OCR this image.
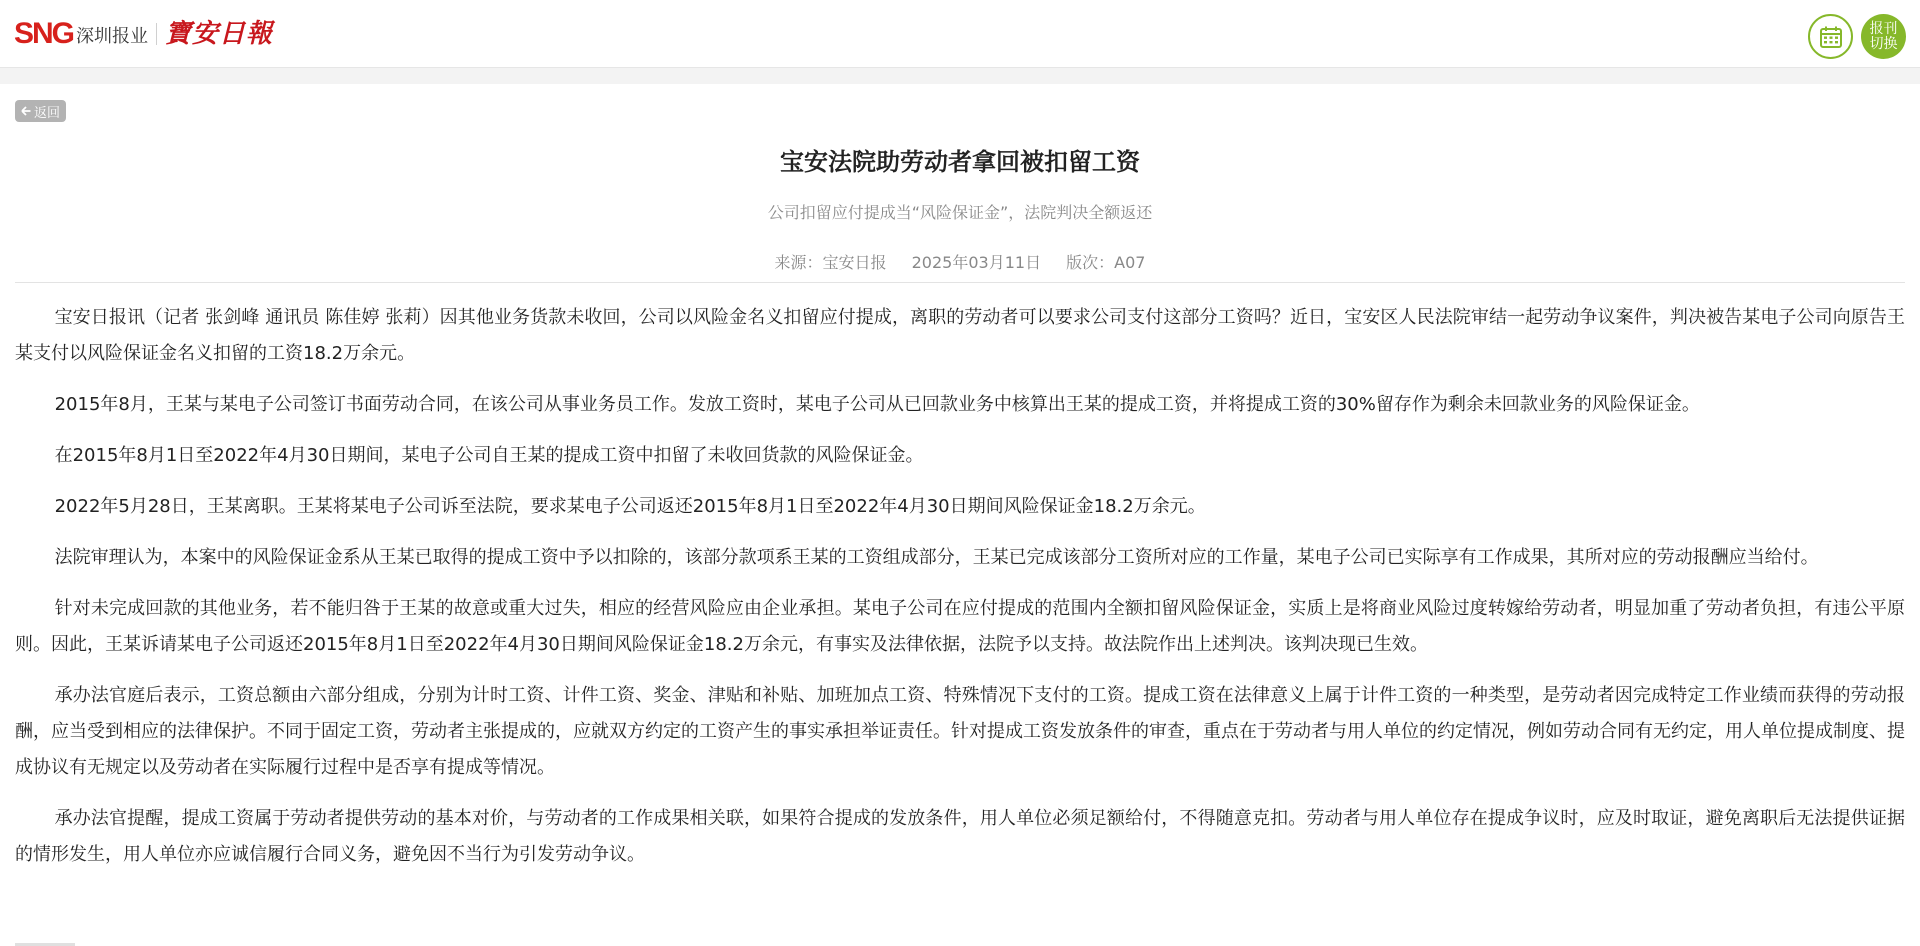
SNG 深圳报业 寶安日報	报刊
切换
返回
宝安法院助劳动者拿回被扣留工资
公司扣留应付提成当“风险保证金”，法院判决全额返还
来源：宝安日报 2025年03月11日 版次：A07

宝安日报讯（记者 张剑峰 通讯员 陈佳婷 张莉）因其他业务货款未收回，公司以风险金名义扣留应付提成，离职的劳动者可以要求公司支付这部分工资吗？近日，宝安区人民法院审结一起劳动争议案件，判决被告某电子公司向原告王某支付以风险保证金名义扣留的工资18.2万余元。

2015年8月，王某与某电子公司签订书面劳动合同，在该公司从事业务员工作。发放工资时，某电子公司从已回款业务中核算出王某的提成工资，并将提成工资的30%留存作为剩余未回款业务的风险保证金。

在2015年8月1日至2022年4月30日期间，某电子公司自王某的提成工资中扣留了未收回货款的风险保证金。

2022年5月28日，王某离职。王某将某电子公司诉至法院，要求某电子公司返还2015年8月1日至2022年4月30日期间风险保证金18.2万余元。

法院审理认为，本案中的风险保证金系从王某已取得的提成工资中予以扣除的，该部分款项系王某的工资组成部分，王某已完成该部分工资所对应的工作量，某电子公司已实际享有工作成果，其所对应的劳动报酬应当给付。

针对未完成回款的其他业务，若不能归咎于王某的故意或重大过失，相应的经营风险应由企业承担。某电子公司在应付提成的范围内全额扣留风险保证金，实质上是将商业风险过度转嫁给劳动者，明显加重了劳动者负担，有违公平原则。因此，王某诉请某电子公司返还2015年8月1日至2022年4月30日期间风险保证金18.2万余元，有事实及法律依据，法院予以支持。故法院作出上述判决。该判决现已生效。

承办法官庭后表示，工资总额由六部分组成，分别为计时工资、计件工资、奖金、津贴和补贴、加班加点工资、特殊情况下支付的工资。提成工资在法律意义上属于计件工资的一种类型，是劳动者因完成特定工作业绩而获得的劳动报酬，应当受到相应的法律保护。不同于固定工资，劳动者主张提成的，应就双方约定的工资产生的事实承担举证责任。针对提成工资发放条件的审查，重点在于劳动者与用人单位的约定情况，例如劳动合同有无约定，用人单位提成制度、提成协议有无规定以及劳动者在实际履行过程中是否享有提成等情况。

承办法官提醒，提成工资属于劳动者提供劳动的基本对价，与劳动者的工作成果相关联，如果符合提成的发放条件，用人单位必须足额给付，不得随意克扣。劳动者与用人单位存在提成争议时，应及时取证，避免离职后无法提供证据的情形发生，用人单位亦应诚信履行合同义务，避免因不当行为引发劳动争议。
